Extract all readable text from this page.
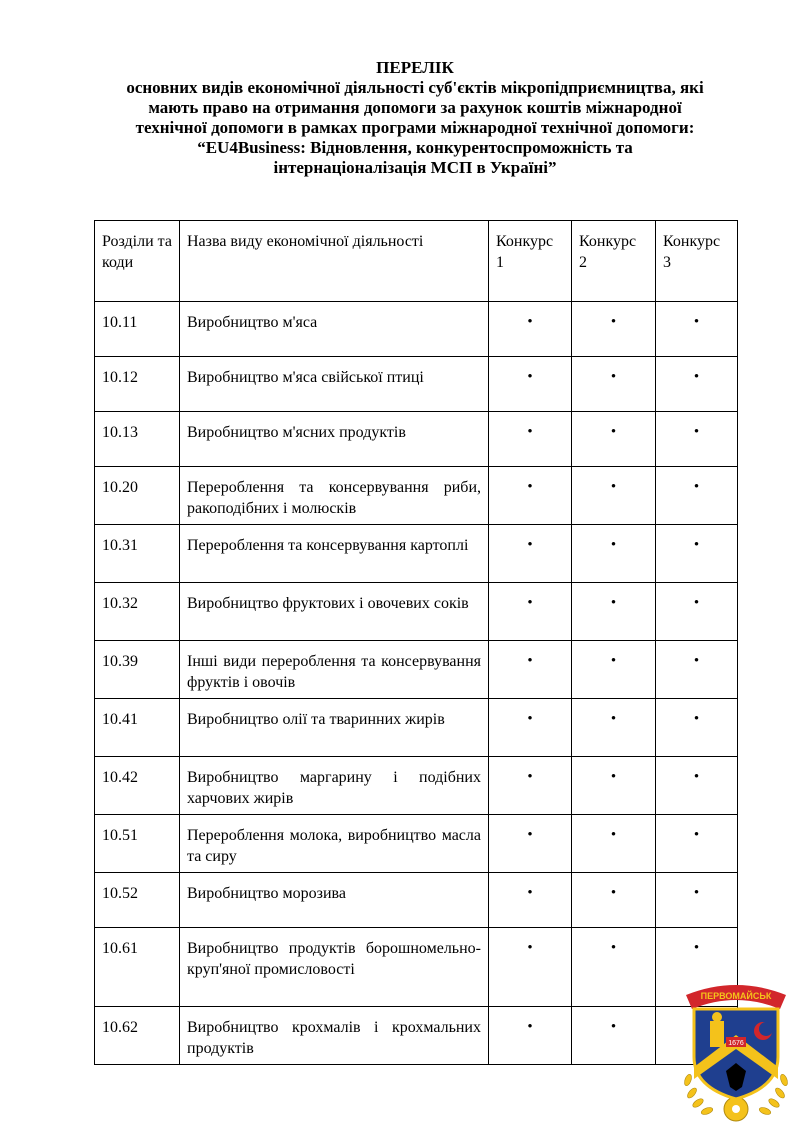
ПЕРЕЛІК
основних видів економічної діяльності суб'єктів мікропідприємництва, які
мають право на отримання допомоги за рахунок коштів міжнародної
технічної допомоги в рамках програми міжнародної технічної допомоги:
“EU4Business: Відновлення, конкурентоспроможність та
інтернаціоналізація МСП в Україні”
Розділи та коди	Назва виду економічної діяльності	Конкурс 1	Конкурс 2	Конкурс 3
10.11	Виробництво м'яса	•	•	•
10.12	Виробництво м'яса свійської птиці	•	•	•
10.13	Виробництво м'ясних продуктів	•	•	•
10.20	Перероблення та консервування риби, ракоподібних і молюсків	•	•	•
10.31	Перероблення та консервування картоплі	•	•	•
10.32	Виробництво фруктових і овочевих соків	•	•	•
10.39	Інші види перероблення та консервування фруктів і овочів	•	•	•
10.41	Виробництво олії та тваринних жирів	•	•	•
10.42	Виробництво маргарину і подібних харчових жирів	•	•	•
10.51	Перероблення молока, виробництво масла та сиру	•	•	•
10.52	Виробництво морозива	•	•	•
10.61	Виробництво продуктів борошномельно-круп'яної промисловості	•	•	•
10.62	Виробництво крохмалів і крохмальних продуктів	•	•	
ПЕРВОМАЙСЬК
1676
